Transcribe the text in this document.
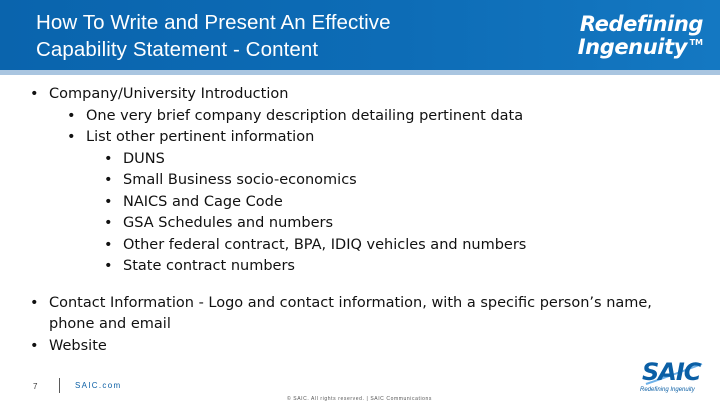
How To Write and Present An Effective
Capability Statement - Content
Redefining
Ingenuity TM
• Company/University Introduction
• One very brief company description detailing pertinent data
• List other pertinent information
• DUNS
• Small Business socio-economics
• NAICS and Cage Code
• GSA Schedules and numbers
• Other federal contract, BPA, IDIQ vehicles and numbers
• State contract numbers
• Contact Information - Logo and contact information, with a specific person’s name, phone and email
• Website
7	SAIC.com
© SAIC. All rights reserved. | SAIC Communications
SAIC
Redefining Ingenuity
